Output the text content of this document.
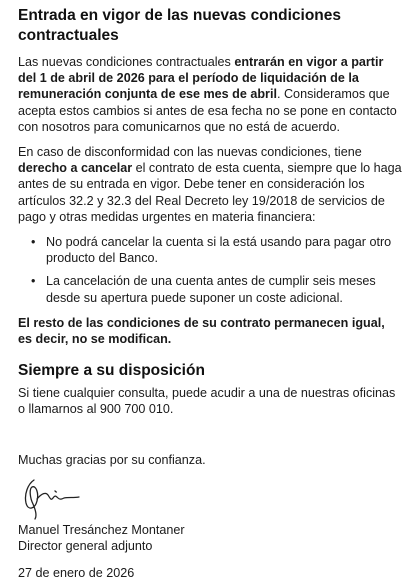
Entrada en vigor de las nuevas condiciones contractuales

Las nuevas condiciones contractuales entrarán en vigor a partir del 1 de abril de 2026 para el período de liquidación de la remuneración conjunta de ese mes de abril. Consideramos que acepta estos cambios si antes de esa fecha no se pone en contacto con nosotros para comunicarnos que no está de acuerdo.

En caso de disconformidad con las nuevas condiciones, tiene derecho a cancelar el contrato de esta cuenta, siempre que lo haga antes de su entrada en vigor. Debe tener en consideración los artículos 32.2 y 32.3 del Real Decreto ley 19/2018 de servicios de pago y otras medidas urgentes en materia financiera:

• No podrá cancelar la cuenta si la está usando para pagar otro producto del Banco.
• La cancelación de una cuenta antes de cumplir seis meses desde su apertura puede suponer un coste adicional.

El resto de las condiciones de su contrato permanecen igual, es decir, no se modifican.

Siempre a su disposición

Si tiene cualquier consulta, puede acudir a una de nuestras oficinas o llamarnos al 900 700 010.

Muchas gracias por su confianza.

Manuel Tresánchez Montaner

Director general adjunto

27 de enero de 2026
